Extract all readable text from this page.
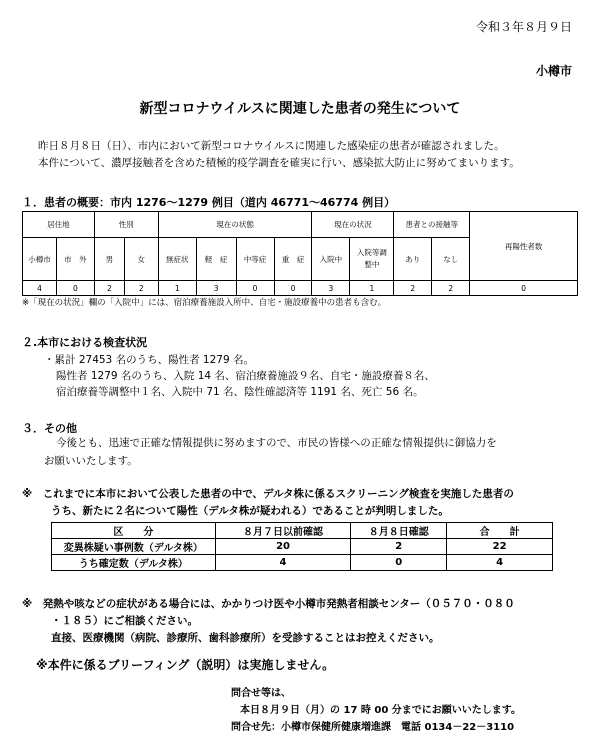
令和３年８月９日
小樽市
新型コロナウイルスに関連した患者の発生について
昨日８月８日（日）、市内において新型コロナウイルスに関連した感染症の患者が確認されました。
本件について、濃厚接触者を含めた積極的疫学調査を確実に行い、感染拡大防止に努めてまいります。
１．患者の概要：市内 1276～1279 例目（道内 46771～46774 例目）
居住地		性別		現在の状態				現在の状況		患者との接触等		再陽性者数
小樽市	市　外	男	女	無症状	軽　症	中等症	重　症	入院中	入院等調整中	あり	なし	
4	0	2	2	1	3	0	0	3	1	2	2	0
※「現在の状況」欄の「入院中」には、宿泊療養施設入所中、自宅・施設療養中の患者も含む。
２.本市における検査状況
・累計 27453 名のうち、陽性者 1279 名。
陽性者 1279 名のうち、入院 14 名、宿泊療養施設９名、自宅・施設療養８名、
宿泊療養等調整中１名、入院中 71 名、陰性確認済等 1191 名、死亡 56 名。
３．その他
今後とも、迅速で正確な情報提供に努めますので、市民の皆様への正確な情報提供に御協力を
お願いいたします。
※　これまでに本市において公表した患者の中で、デルタ株に係るスクリーニング検査を実施した患者の
うち、新たに２名について陽性（デルタ株が疑われる）であることが判明しました。
区　　分	８月７日以前確認	８月８日確認	合　　計
変異株疑い事例数（デルタ株）	20	2	22
うち確定数（デルタ株）	4	0	4
※　発熱や咳などの症状がある場合には、かかりつけ医や小樽市発熱者相談センター（０５７０・０８０
・１８５）にご相談ください。
直接、医療機関（病院、診療所、歯科診療所）を受診することはお控えください。
※本件に係るブリーフィング（説明）は実施しません。
問合せ等は、
本日８月９日（月）の 17 時 00 分までにお願いいたします。
問合せ先：小樽市保健所健康増進課　電話 0134－22－3110
